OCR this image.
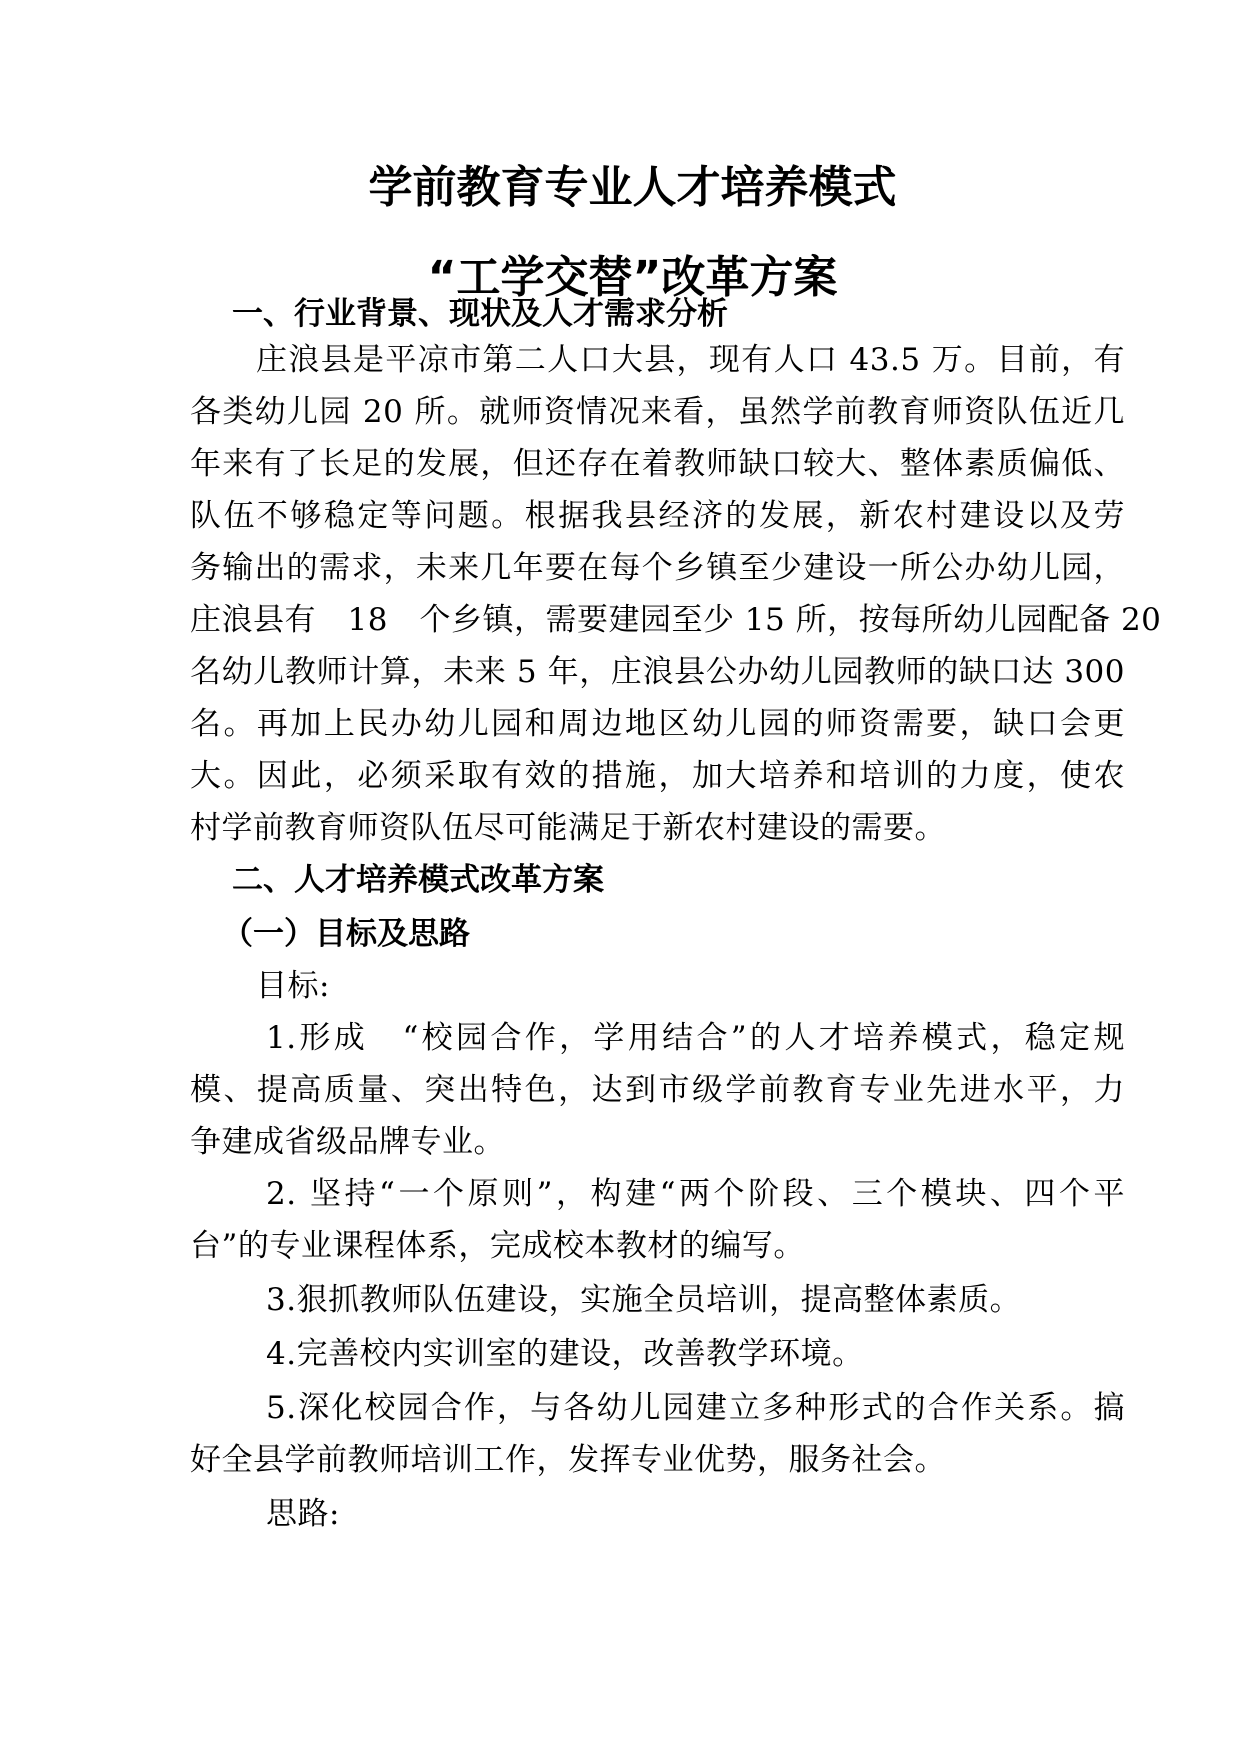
学前教育专业人才培养模式
“工学交替”改革方案
一、行业背景、现状及人才需求分析
庄浪县是平凉市第二人口大县，现有人口 43.5 万。目前，有
各类幼儿园 20 所。就师资情况来看，虽然学前教育师资队伍近几
年来有了长足的发展，但还存在着教师缺口较大、整体素质偏低、
队伍不够稳定等问题。根据我县经济的发展，新农村建设以及劳
务输出的需求，未来几年要在每个乡镇至少建设一所公办幼儿园，
庄浪县有　18　个乡镇，需要建园至少 15 所，按每所幼儿园配备 20
名幼儿教师计算，未来 5 年，庄浪县公办幼儿园教师的缺口达 300
名。再加上民办幼儿园和周边地区幼儿园的师资需要，缺口会更
大。因此，必须采取有效的措施，加大培养和培训的力度，使农
村学前教育师资队伍尽可能满足于新农村建设的需要。
二、人才培养模式改革方案
（一）目标及思路
目标:
1.形成　“校园合作，学用结合”的人才培养模式，稳定规
模、提高质量、突出特色，达到市级学前教育专业先进水平，力
争建成省级品牌专业。
2. 坚持“一个原则”，构建“两个阶段、三个模块、四个平
台”的专业课程体系，完成校本教材的编写。
3.狠抓教师队伍建设，实施全员培训，提高整体素质。
4.完善校内实训室的建设，改善教学环境。
5.深化校园合作，与各幼儿园建立多种形式的合作关系。搞
好全县学前教师培训工作，发挥专业优势，服务社会。
思路:
